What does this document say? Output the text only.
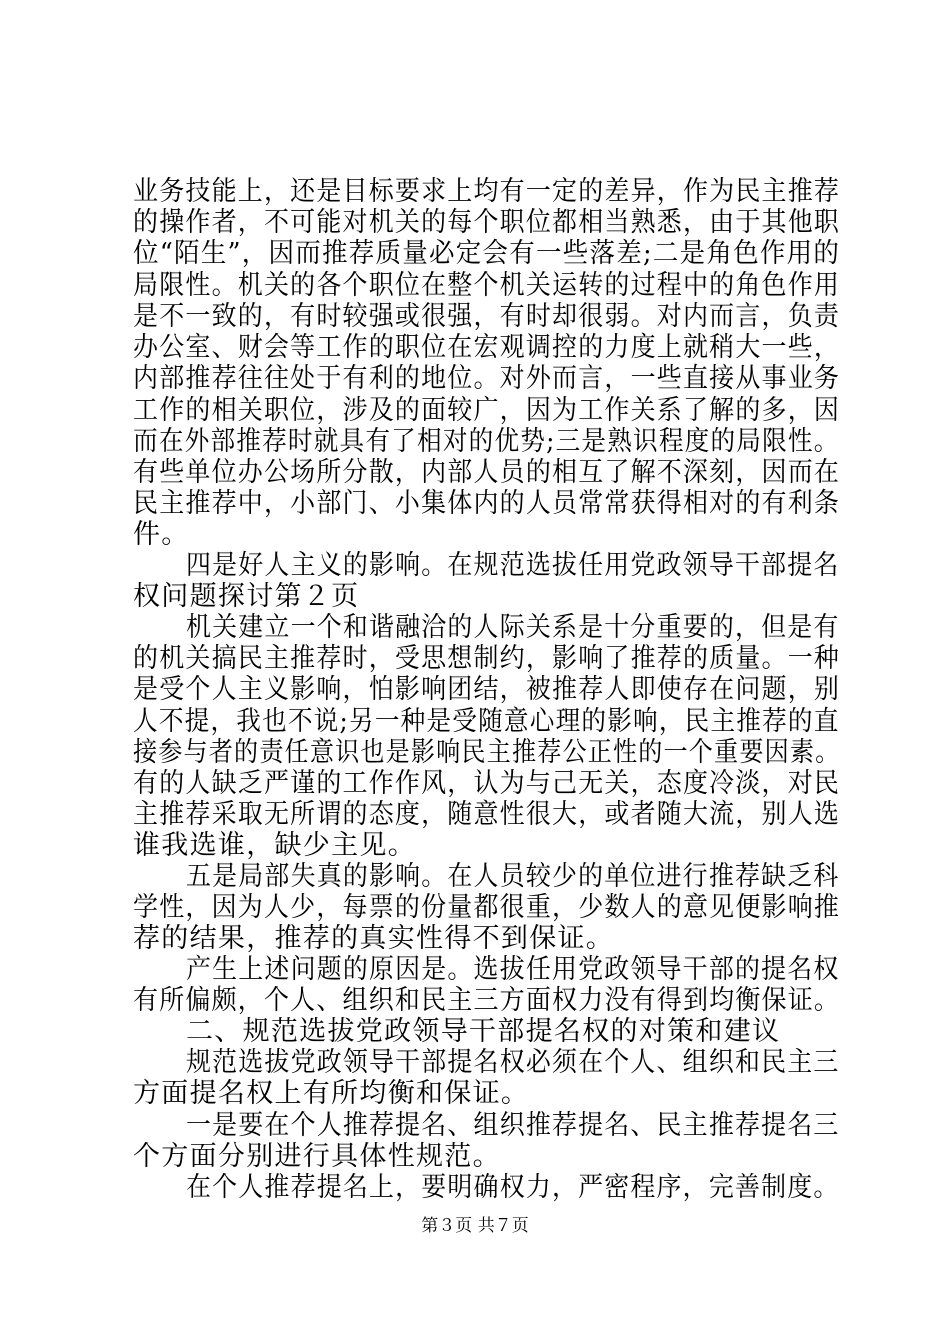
业务技能上，还是目标要求上均有一定的差异，作为民主推荐

的操作者，不可能对机关的每个职位都相当熟悉，由于其他职

位“陌生”，因而推荐质量必定会有一些落差;二是角色作用的

局限性。机关的各个职位在整个机关运转的过程中的角色作用

是不一致的，有时较强或很强，有时却很弱。对内而言，负责

办公室、财会等工作的职位在宏观调控的力度上就稍大一些，

内部推荐往往处于有利的地位。对外而言，一些直接从事业务

工作的相关职位，涉及的面较广，因为工作关系了解的多，因

而在外部推荐时就具有了相对的优势;三是熟识程度的局限性。

有些单位办公场所分散，内部人员的相互了解不深刻，因而在

民主推荐中，小部门、小集体内的人员常常获得相对的有利条

件。

四是好人主义的影响。在规范选拔任用党政领导干部提名

权问题探讨第２页

机关建立一个和谐融洽的人际关系是十分重要的，但是有

的机关搞民主推荐时，受思想制约，影响了推荐的质量。一种

是受个人主义影响，怕影响团结，被推荐人即使存在问题，别

人不提，我也不说;另一种是受随意心理的影响，民主推荐的直

接参与者的责任意识也是影响民主推荐公正性的一个重要因素。

有的人缺乏严谨的工作作风，认为与己无关，态度冷淡，对民

主推荐采取无所谓的态度，随意性很大，或者随大流，别人选

谁我选谁，缺少主见。

五是局部失真的影响。在人员较少的单位进行推荐缺乏科

学性，因为人少，每票的份量都很重，少数人的意见便影响推

荐的结果，推荐的真实性得不到保证。

产生上述问题的原因是。选拔任用党政领导干部的提名权

有所偏颇，个人、组织和民主三方面权力没有得到均衡保证。

二、规范选拔党政领导干部提名权的对策和建议

规范选拔党政领导干部提名权必须在个人、组织和民主三

方面提名权上有所均衡和保证。

一是要在个人推荐提名、组织推荐提名、民主推荐提名三

个方面分别进行具体性规范。

在个人推荐提名上，要明确权力，严密程序，完善制度。

第３页 共７页
